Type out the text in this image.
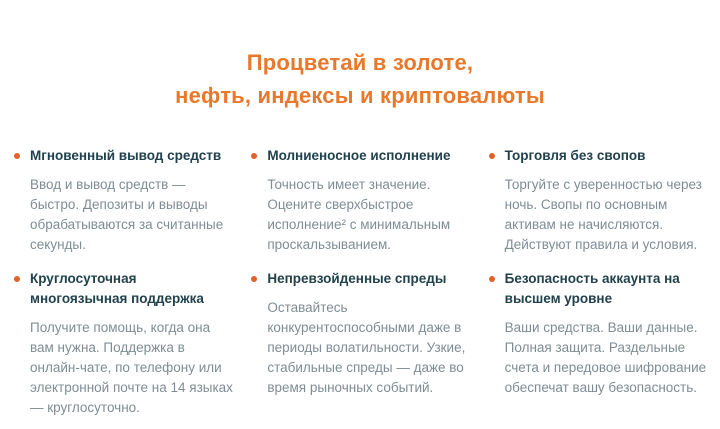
Процветай в золоте,
нефть, индексы и криптовалюты
Мгновенный вывод средств
Ввод и вывод средств — быстро. Депозиты и выводы обрабатываются за считанные секунды.
Молниеносное исполнение
Точность имеет значение. Оцените сверхбыстрое исполнение² с минимальным проскальзыванием.
Торговля без свопов
Торгуйте с уверенностью через ночь. Свопы по основным активам не начисляются. Действуют правила и условия.
Круглосуточная многоязычная поддержка
Получите помощь, когда она вам нужна. Поддержка в онлайн-чате, по телефону или электронной почте на 14 языках — круглосуточно.
Непревзойденные спреды
Оставайтесь конкурентоспособными даже в периоды волатильности. Узкие, стабильные спреды — даже во время рыночных событий.
Безопасность аккаунта на высшем уровне
Ваши средства. Ваши данные. Полная защита. Раздельные счета и передовое шифрование обеспечат вашу безопасность.
